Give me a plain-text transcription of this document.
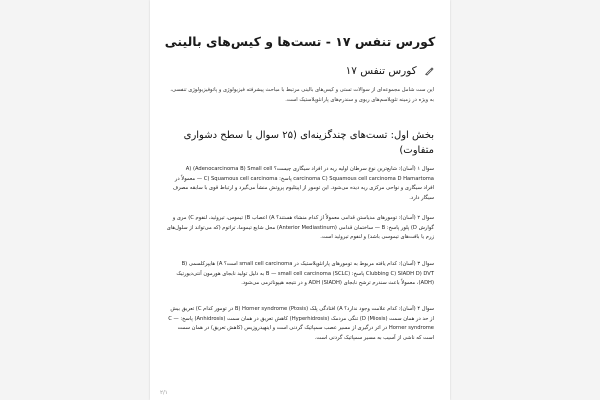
کورس تنفس ۱۷ - تست‌ها و کیس‌های بالینی
کورس تنفس ۱۷
این ست شامل مجموعه‌ای از سوالات تستی و کیس‌های بالینی مرتبط با مباحث پیشرفته فیزیولوژی و پاتوفیزیولوژی تنفسی، به ویژه در زمینه تئوپلاسم‌های ریوی و سندرم‌های پارانئوپلاستیک است.
بخش اول: تست‌های چندگزینه‌ای (۲۵ سوال با سطح دشواری متفاوت)
سوال ۱ (آسان): شایع‌ترین نوع سرطان اولیه ریه در افراد سیگاری چیست؟ A) (Adenocarcinoma B) Small cell carcinoma C) Squamous cell carcinoma D Hamartoma پاسخ: C) Squamous cell carcinoma — معمولاً در افراد سیگاری و نواحی مرکزی ریه دیده می‌شود. این تومور از اپیتلیوم پروتش منشأ می‌گیرد و ارتباط قوی با سابقه مصرف سیگار دارد.
سوال ۲ (آسان): تومورهای مدیاستن قدامی معمولاً از کدام منشاء هستند؟ A) اعصاب B) تیموس، تیروئید، لنفوم C) مری و گوارش D) پلور پاسخ: B — ساختمان قدامی (Anterior Mediastinum) محل شایع تیموما، تراتوم (که می‌تواند از سلول‌های زرم یا بافت‌های تیموسی باشد) و لنفوم تیروئید است.
سوال ۳ (آسان): کدام یافته مربوط به تومورهای پارانئوپلاستیک در small cell carcinoma است؟ A) هایپرکلسمی B) Clubbing C) SIADH D) DVT پاسخ: B — small cell carcinoma (SCLC) به دلیل تولید نابجای هورمون آنتی‌دیورتیک (ADH)، معمولاً باعث سندرم ترشح نابجای ADH (SIADH) و در نتیجه هیپوناترمی می‌شود.
سوال ۴ (آسان): کدام علامت وجود ندارد؟ A) افتادگی پلک (Ptosis) B) Horner syndrome در تومور کدام C) تعریق بیش از حد در همان سمت (Miosis) D) تنگی مردمک (Hyperhidrosis) کاهش تعریق در همان سمت (Anhidrosis) پاسخ: C — Horner syndrome در اثر درگیری از مسیر عصب سمپاتیک گردنی است و اینهیدروزیس (کاهش تعریق) در همان سمت است که ناشی از آسیب به مسیر سمپاتیک گردنی است.
۲/۱
